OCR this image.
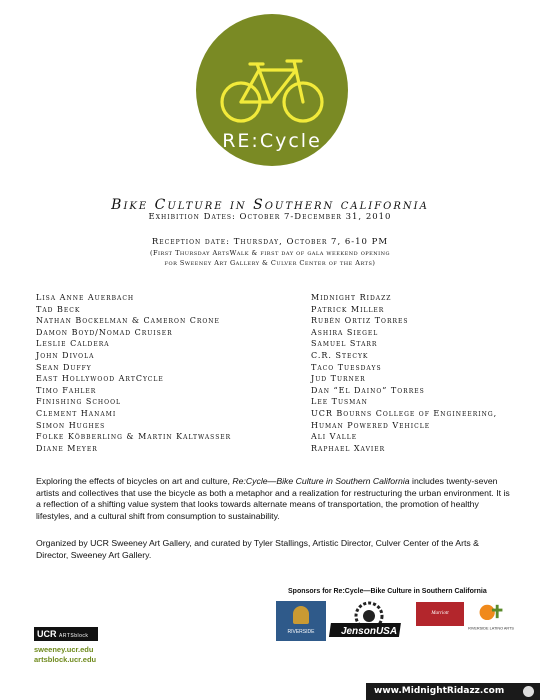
RE:Cycle
Bike Culture in Southern california
Exhibition Dates: October 7-December 31, 2010
Reception date: Thursday, October 7, 6-10 PM
(First Thursday ArtsWalk & first day of gala weekend opening
for Sweeney Art Gallery & Culver Center of the Arts)
Lisa Anne Auerbach
Tad Beck
Nathan Bockelman & Cameron Crone
Damon Boyd/Nomad Cruiser
Leslie Caldera
John Divola
Sean Duffy
East Hollywood ArtCycle
Timo Fahler
Finishing School
Clement Hanami
Simon Hughes
Folke Köbberling & Martin Kaltwasser
Diane Meyer
Midnight Ridazz
Patrick Miller
Rubén Ortiz Torres
Ashira Siegel
Samuel Starr
C.R. Stecyk
Taco Tuesdays
Jud Turner
Dan “El Daino” Torres
Lee Tusman
UCR Bourns College of Engineering,
Human Powered Vehicle
Ali Valle
Raphael Xavier

Exploring the effects of bicycles on art and culture, Re:Cycle—Bike Culture in Southern California includes twenty-seven artists and collectives that use the bicycle as both a metaphor and a realization for restructuring the urban environment. It is a reflection of a shifting value system that looks towards alternate means of transportation, the promotion of healthy lifestyles, and a cultural shift from consumption to sustainability.

Organized by UCR Sweeney Art Gallery, and curated by Tyler Stallings, Artistic Director, Culver Center of the Arts & Director, Sweeney Art Gallery.

Sponsors for Re:Cycle—Bike Culture in Southern California
RIVERSIDE	JensonUSA
Marriott
RIVERSIDE LATINO ARTS
UCR ARTSblock
sweeney.ucr.edu
artsblock.ucr.edu
www.MidnightRidazz.com
